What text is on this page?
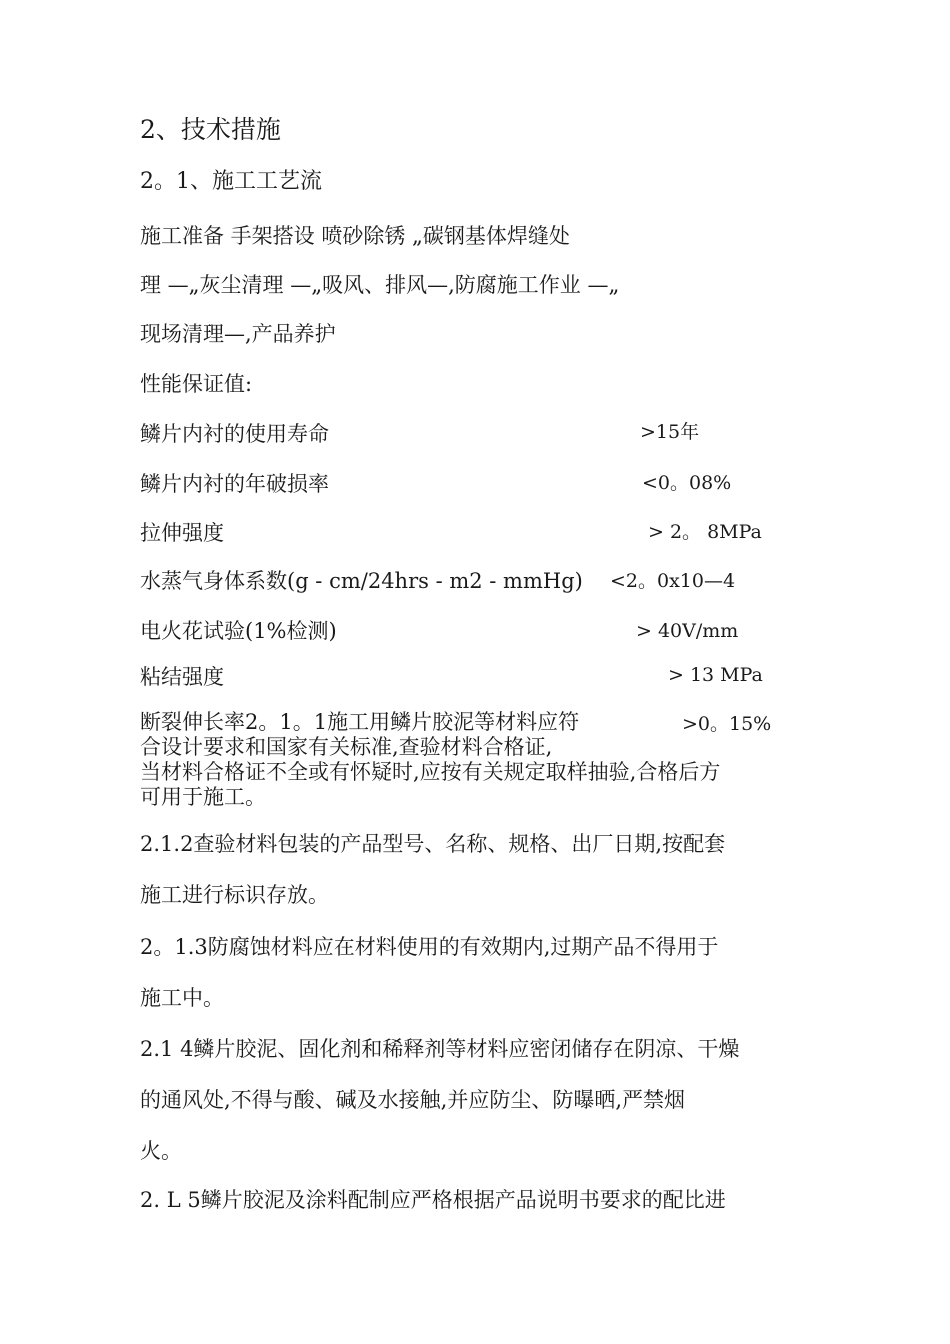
2、技术措施
2。1、施工工艺流
施工准备 手架搭设 喷砂除锈 „碳钢基体焊缝处
理 —„灰尘清理 —„吸风、排风—,防腐施工作业 —„
现场清理—,产品养护
性能保证值:
鳞片内衬的使用寿命	>15年
鳞片内衬的年破损率	<0。08%
拉伸强度	> 2。 8MPa
水蒸气身体系数(g - cm/24hrs - m2 - mmHg) <2。0x10—4
电火花试验(1%检测)	> 40V/mm
粘结强度	> 13 MPa
断裂伸长率2。1。1施工用鳞片胶泥等材料应符	>0。15%
合设计要求和国家有关标准,查验材料合格证,
当材料合格证不全或有怀疑时,应按有关规定取样抽验,合格后方
可用于施工。
2.1.2查验材料包装的产品型号、名称、规格、出厂日期,按配套
施工进行标识存放。
2。1.3防腐蚀材料应在材料使用的有效期内,过期产品不得用于
施工中。
2.1 4鳞片胶泥、固化剂和稀释剂等材料应密闭储存在阴凉、干燥
的通风处,不得与酸、碱及水接触,并应防尘、防曝晒,严禁烟
火。
2. L 5鳞片胶泥及涂料配制应严格根据产品说明书要求的配比进
